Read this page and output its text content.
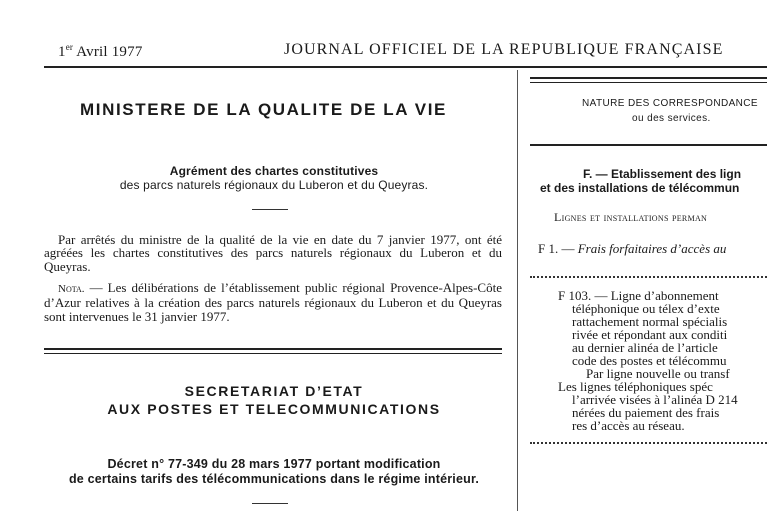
1er Avril 1977	JOURNAL OFFICIEL DE LA REPUBLIQUE FRANÇAISE
MINISTERE DE LA QUALITE DE LA VIE
Agrément des chartes constitutives
des parcs naturels régionaux du Luberon et du Queyras.
Par arrêtés du ministre de la qualité de la vie en date du 7 janvier 1977, ont été agréées les chartes constitutives des parcs naturels régionaux du Luberon et du Queyras.
Nota. — Les délibérations de l’établissement public régional Provence-Alpes-Côte d’Azur relatives à la création des parcs naturels régionaux du Luberon et du Queyras sont intervenues le 31 janvier 1977.
SECRETARIAT D’ETAT
AUX POSTES ET TELECOMMUNICATIONS
Décret n° 77-349 du 28 mars 1977 portant modification
de certains tarifs des télécommunications dans le régime intérieur.
NATURE DES CORRESPONDANCE
ou des services.
F. — Etablissement des lign
et des installations de télécommun
Lignes et installations perman
F 1. — Frais forfaitaires d’accès au
F 103. — Ligne d’abonnement
téléphonique ou télex d’exte
rattachement normal spécialis
rivée et répondant aux conditi
au dernier alinéa de l’article
code des postes et télécommu
Par ligne nouvelle ou transf
Les lignes téléphoniques spéc
l’arrivée visées à l’alinéa D 214
nérées du paiement des frais
res d’accès au réseau.
